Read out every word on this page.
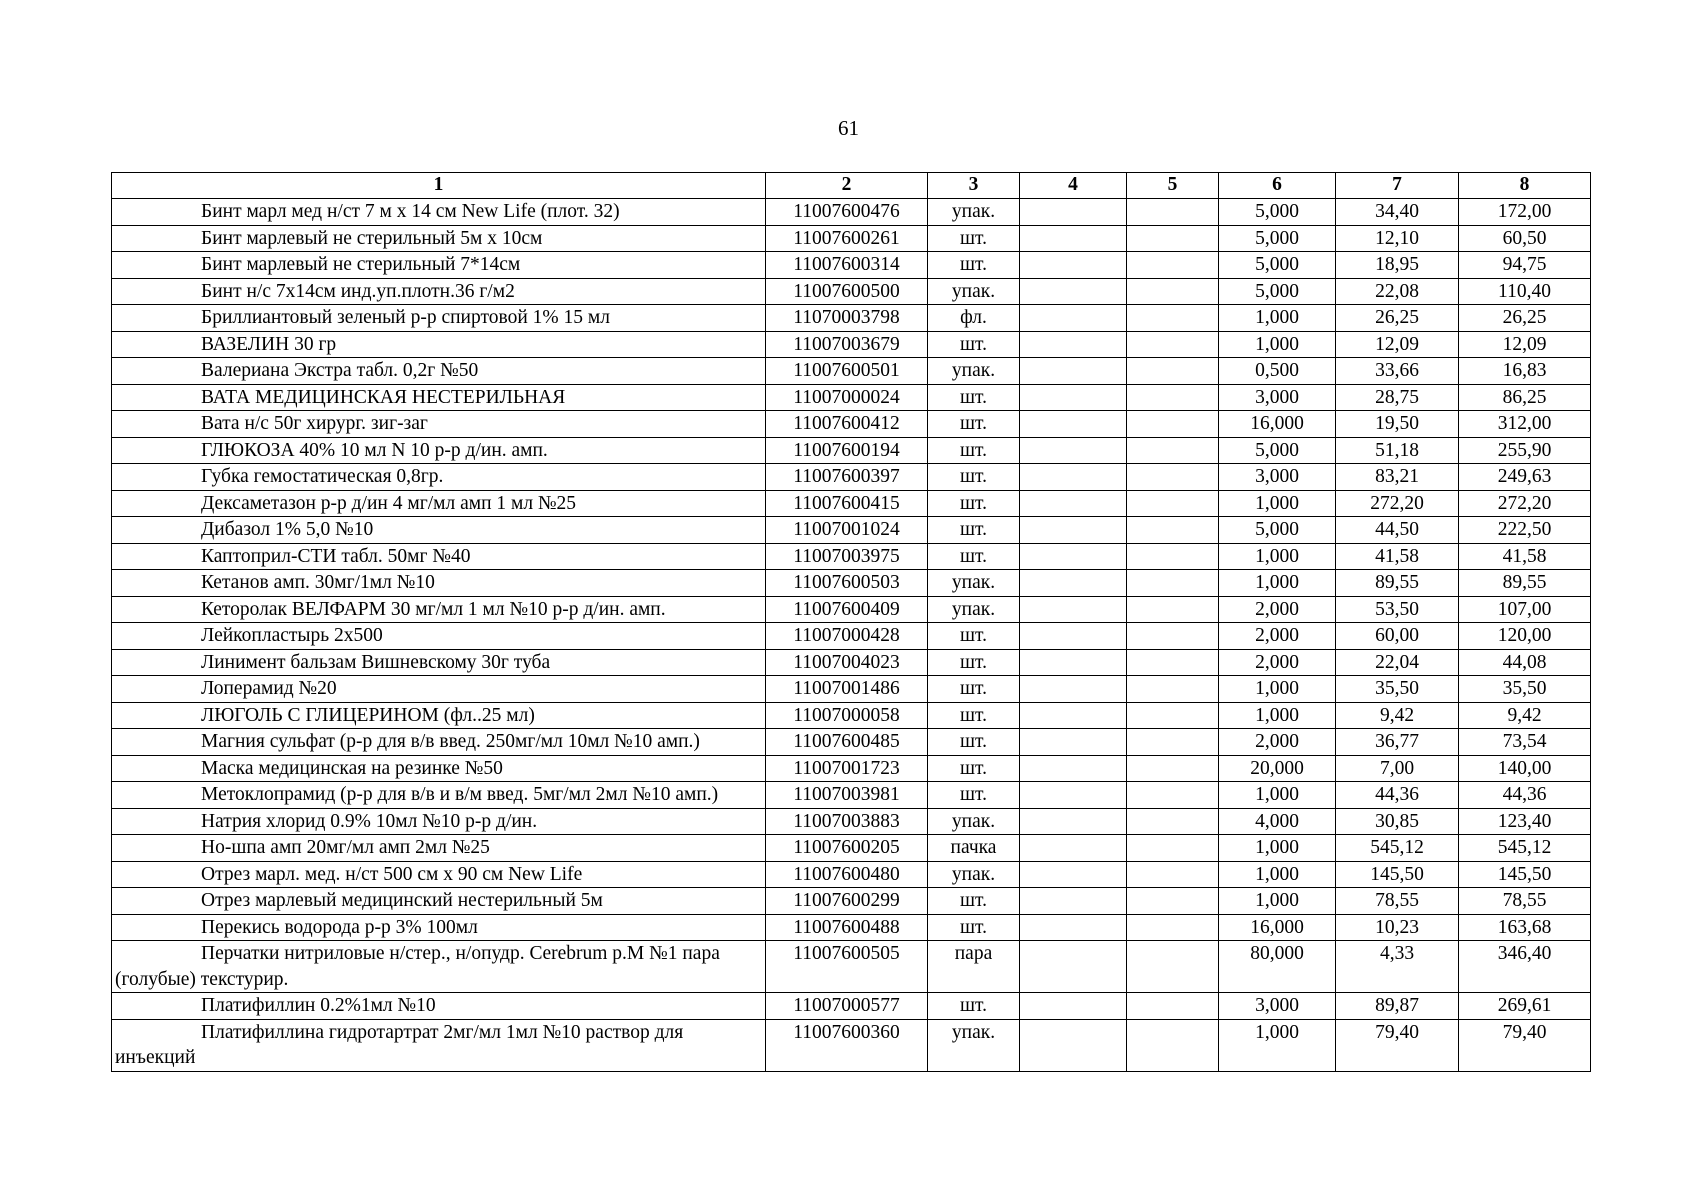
61
1	2	3	4	5	6	7	8
Бинт марл мед н/ст 7 м х 14 см New Life (плот. 32)	11007600476	упак.			5,000	34,40	172,00
Бинт марлевый не стерильный 5м х 10см	11007600261	шт.			5,000	12,10	60,50
Бинт марлевый не стерильный 7*14см	11007600314	шт.			5,000	18,95	94,75
Бинт н/с 7х14см инд.уп.плотн.36 г/м2	11007600500	упак.			5,000	22,08	110,40
Бриллиантовый зеленый р-р спиртовой 1% 15 мл	11070003798	фл.			1,000	26,25	26,25
ВАЗЕЛИН 30 гр	11007003679	шт.			1,000	12,09	12,09
Валериана Экстра табл. 0,2г №50	11007600501	упак.			0,500	33,66	16,83
ВАТА МЕДИЦИНСКАЯ НЕСТЕРИЛЬНАЯ	11007000024	шт.			3,000	28,75	86,25
Вата н/с 50г хирург. зиг-заг	11007600412	шт.			16,000	19,50	312,00
ГЛЮКОЗА 40% 10 мл N 10 р-р д/ин. амп.	11007600194	шт.			5,000	51,18	255,90
Губка гемостатическая 0,8гр.	11007600397	шт.			3,000	83,21	249,63
Дексаметазон р-р д/ин 4 мг/мл амп 1 мл №25	11007600415	шт.			1,000	272,20	272,20
Дибазол 1% 5,0 №10	11007001024	шт.			5,000	44,50	222,50
Каптоприл-СТИ табл. 50мг №40	11007003975	шт.			1,000	41,58	41,58
Кетанов амп. 30мг/1мл №10	11007600503	упак.			1,000	89,55	89,55
Кеторолак ВЕЛФАРМ 30 мг/мл 1 мл №10 р-р д/ин. амп.	11007600409	упак.			2,000	53,50	107,00
Лейкопластырь 2х500	11007000428	шт.			2,000	60,00	120,00
Линимент бальзам Вишневскому 30г туба	11007004023	шт.			2,000	22,04	44,08
Лоперамид №20	11007001486	шт.			1,000	35,50	35,50
ЛЮГОЛЬ С ГЛИЦЕРИНОМ (фл..25 мл)	11007000058	шт.			1,000	9,42	9,42
Магния сульфат (р-р для в/в введ. 250мг/мл 10мл №10 амп.)	11007600485	шт.			2,000	36,77	73,54
Маска медицинская на резинке №50	11007001723	шт.			20,000	7,00	140,00
Метоклопрамид (р-р для в/в и в/м введ. 5мг/мл 2мл №10 амп.)	11007003981	шт.			1,000	44,36	44,36
Натрия хлорид 0.9% 10мл №10 р-р д/ин.	11007003883	упак.			4,000	30,85	123,40
Но-шпа амп 20мг/мл амп 2мл №25	11007600205	пачка			1,000	545,12	545,12
Отрез марл. мед. н/ст 500 см х 90 см New Life	11007600480	упак.			1,000	145,50	145,50
Отрез марлевый медицинский нестерильный 5м	11007600299	шт.			1,000	78,55	78,55
Перекись водорода р-р 3% 100мл	11007600488	шт.			16,000	10,23	163,68
Перчатки нитриловые н/стер., н/опудр. Cerebrum р.М №1 пара (голубые) текстурир.	11007600505	пара			80,000	4,33	346,40
Платифиллин 0.2%1мл №10	11007000577	шт.			3,000	89,87	269,61
Платифиллина гидротартрат 2мг/мл 1мл №10 раствор для инъекций	11007600360	упак.			1,000	79,40	79,40
